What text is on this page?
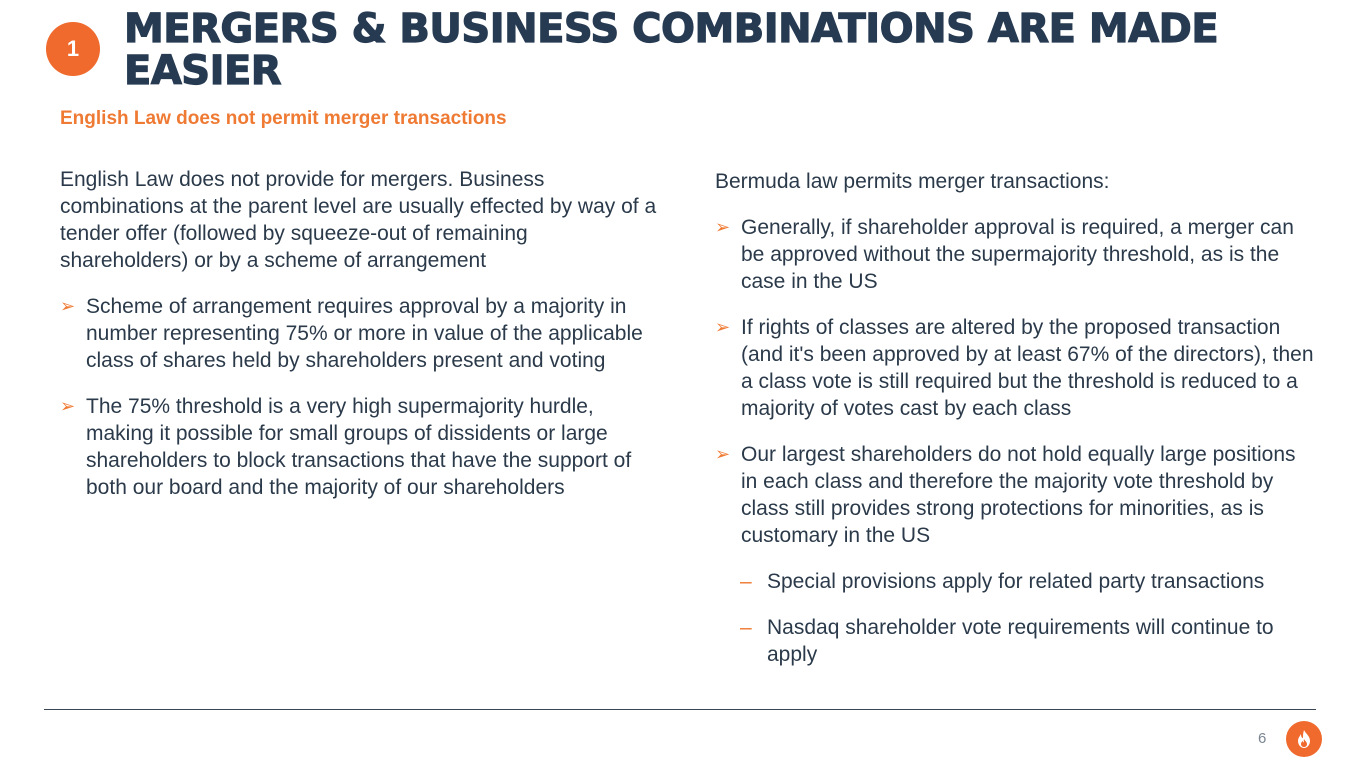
1 MERGERS & BUSINESS COMBINATIONS ARE MADE EASIER

English Law does not permit merger transactions

English Law does not provide for mergers. Business combinations at the parent level are usually effected by way of a tender offer (followed by squeeze-out of remaining shareholders) or by a scheme of arrangement

➢ Scheme of arrangement requires approval by a majority in number representing 75% or more in value of the applicable class of shares held by shareholders present and voting
➢ The 75% threshold is a very high supermajority hurdle, making it possible for small groups of dissidents or large shareholders to block transactions that have the support of both our board and the majority of our shareholders

Bermuda law permits merger transactions:

➢ Generally, if shareholder approval is required, a merger can be approved without the supermajority threshold, as is the case in the US
➢ If rights of classes are altered by the proposed transaction (and it's been approved by at least 67% of the directors), then a class vote is still required but the threshold is reduced to a majority of votes cast by each class
➢ Our largest shareholders do not hold equally large positions in each class and therefore the majority vote threshold by class still provides strong protections for minorities, as is customary in the US
– Special provisions apply for related party transactions
– Nasdaq shareholder vote requirements will continue to apply
6
